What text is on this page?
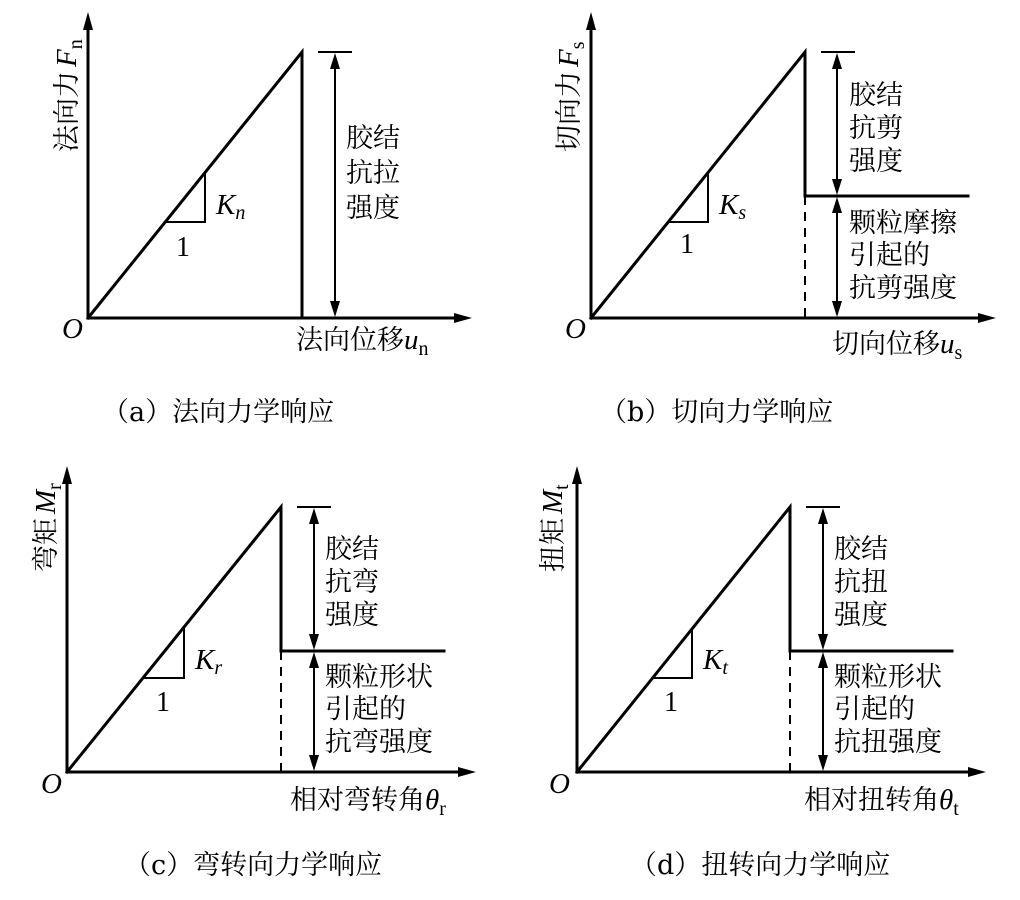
O
法向力$F_n$
法向位移$u_n$
Kn
1
胶结
抗拉
强度
（a）法向力学响应
O
切向力$F_s$
切向位移$u_s$
Ks
1
胶结
抗剪
强度
颗粒摩擦
引起的
抗剪强度
（b）切向力学响应
O
弯矩$M_r$
相对弯转角$\theta_r$
Kr
1
胶结
抗弯
强度
颗粒形状
引起的
抗弯强度
（c）弯转向力学响应
O
扭矩$M_t$
相对扭转角$\theta_t$
Kt
1
胶结
抗扭
强度
颗粒形状
引起的
抗扭强度
（d）扭转向力学响应
